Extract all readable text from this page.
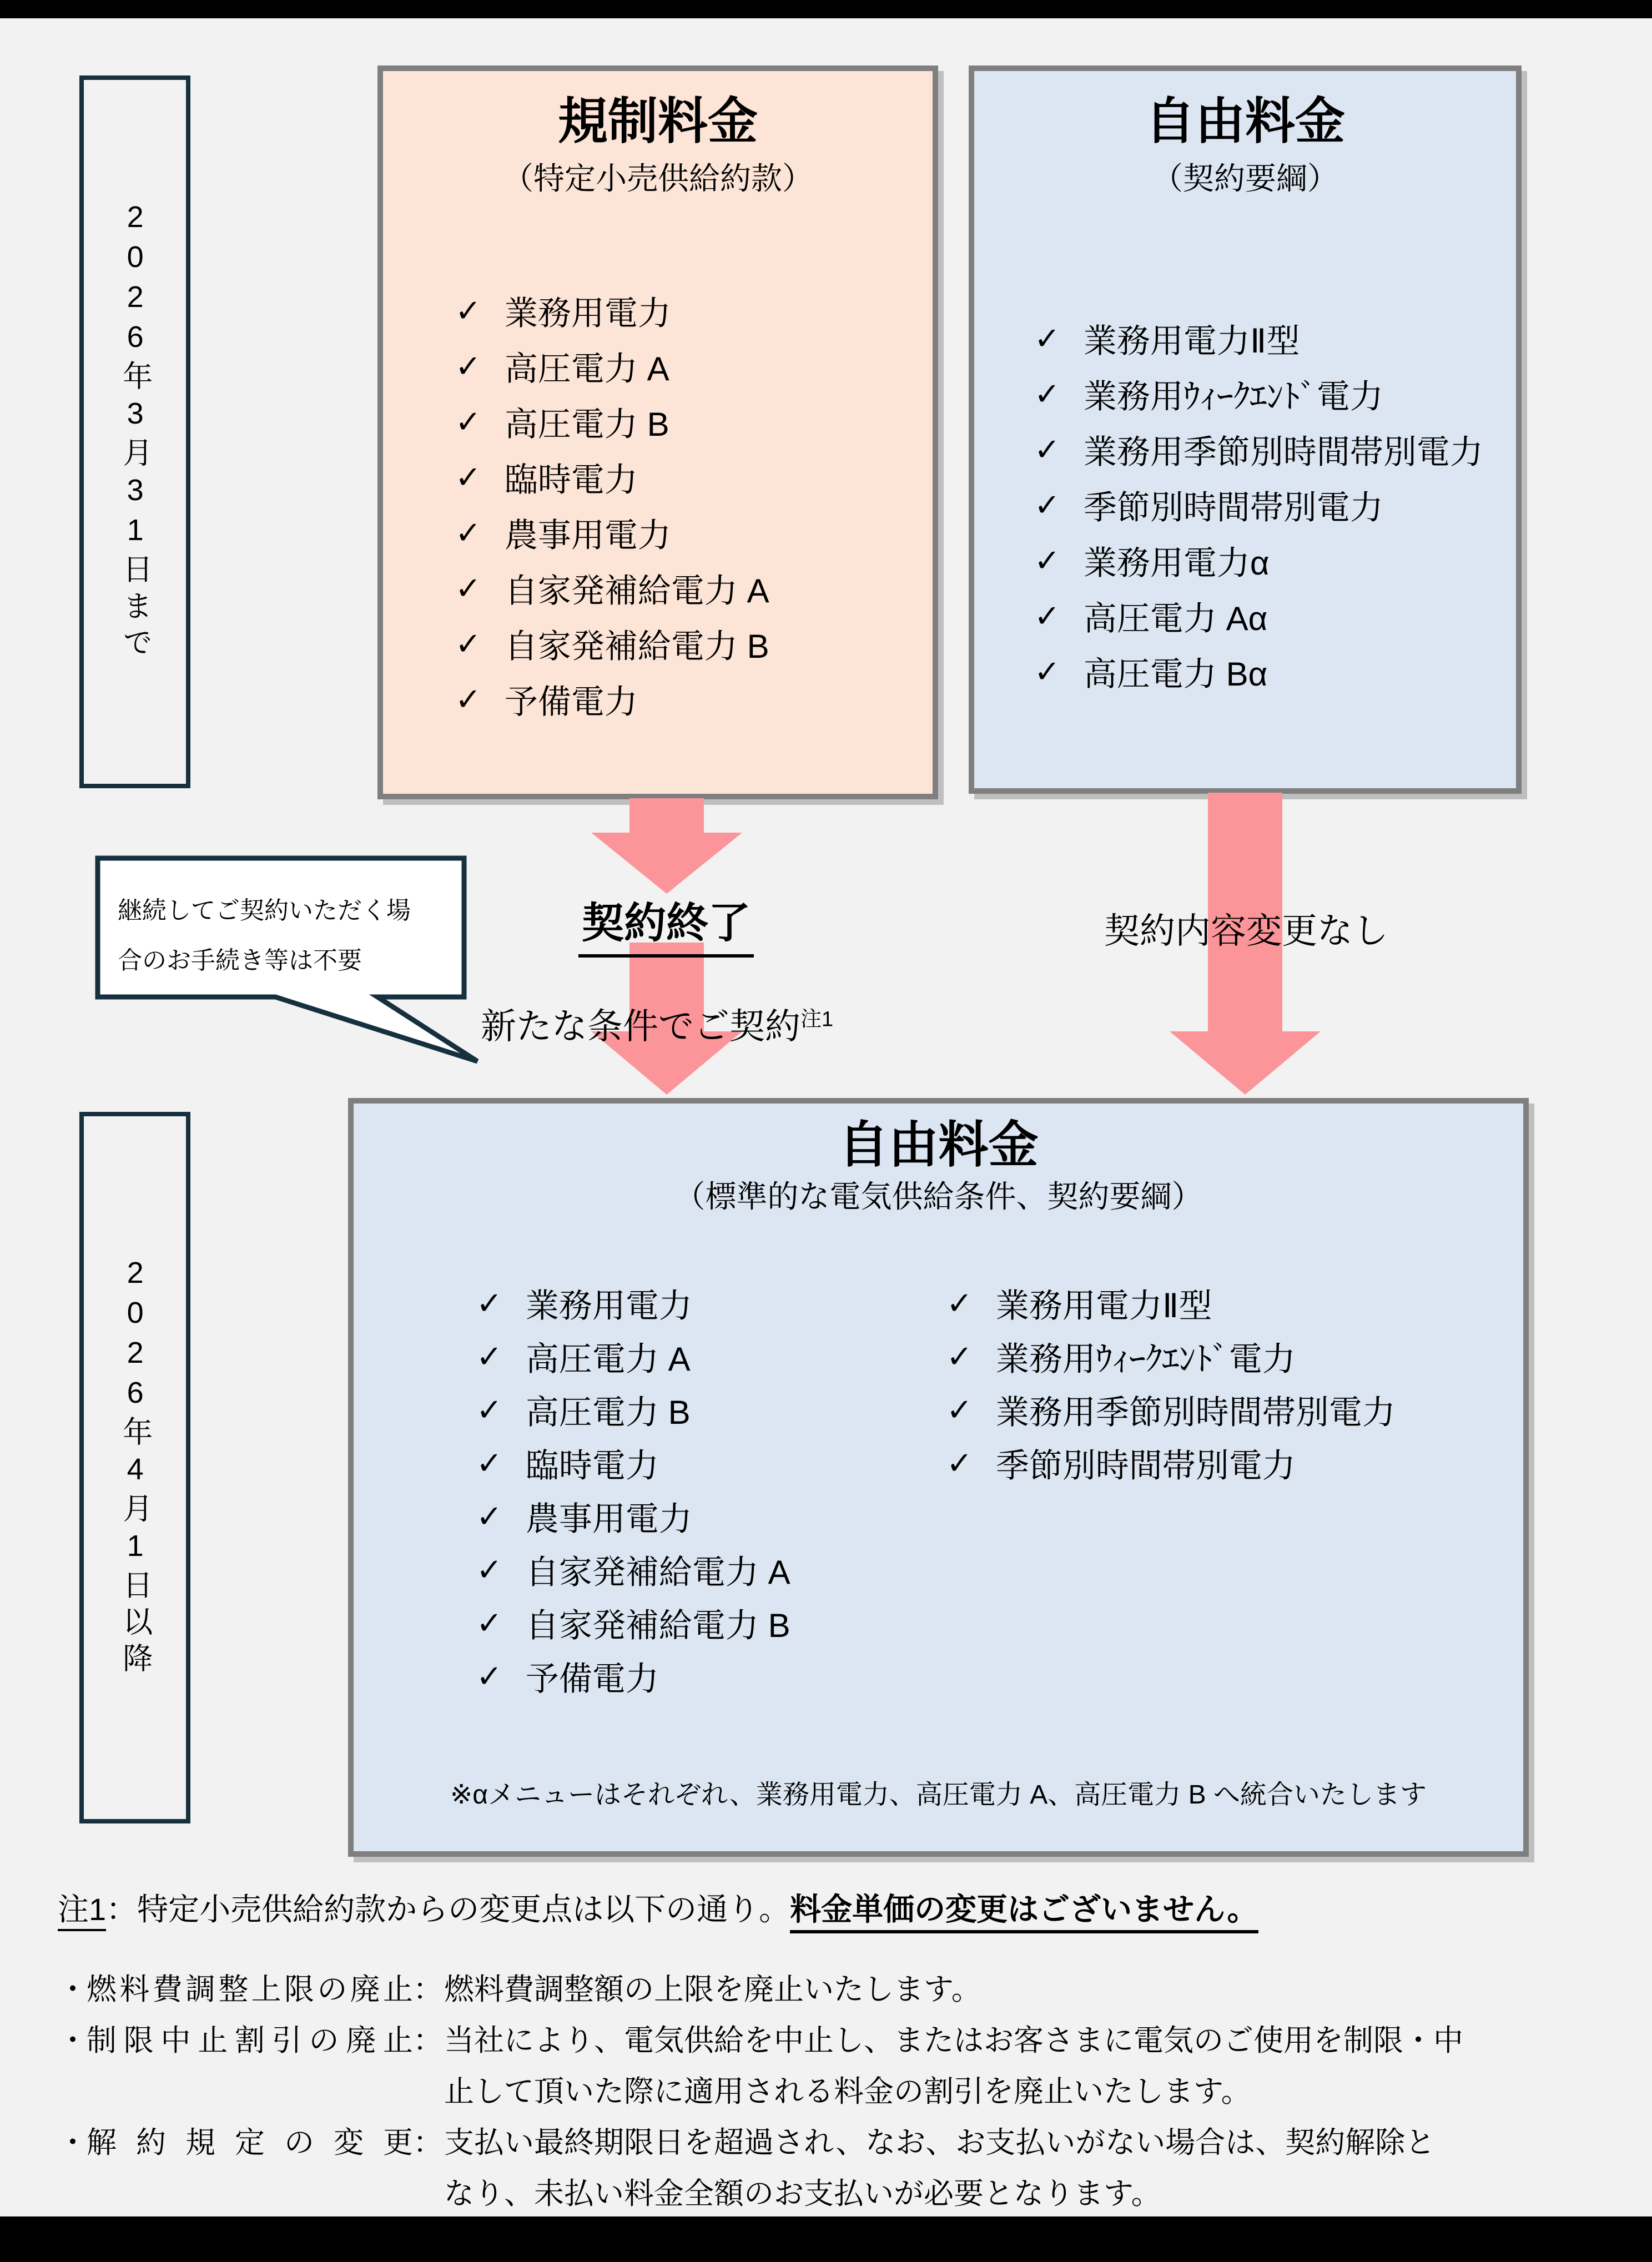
2026年3月31日まで
規制料金
（特定小売供給約款）
✓ 業務用電力
✓ 高圧電力 A
✓ 高圧電力 B
✓ 臨時電力
✓ 農事用電力
✓ 自家発補給電力 A
✓ 自家発補給電力 B
✓ 予備電力
自由料金
（契約要綱）
✓ 業務用電力Ⅱ型
✓ 業務用ｳｨｰｸｴﾝﾄﾞ電力
✓ 業務用季節別時間帯別電力
✓ 季節別時間帯別電力
✓ 業務用電力α
✓ 高圧電力 Aα
✓ 高圧電力 Bα
契約終了	契約内容変更なし
新たな条件でご契約$^{注1}$
継続してご契約いただく場
合のお手続き等は不要
自由料金
（標準的な電気供給条件、契約要綱）
✓ 業務用電力
✓ 高圧電力 A
✓ 高圧電力 B
✓ 臨時電力
✓ 農事用電力
✓ 自家発補給電力 A
✓ 自家発補給電力 B
✓ 予備電力
✓ 業務用電力Ⅱ型
✓ 業務用ｳｨｰｸｴﾝﾄﾞ電力
✓ 業務用季節別時間帯別電力
✓ 季節別時間帯別電力
※αメニューはそれぞれ、業務用電力、高圧電力 A、高圧電力 B へ統合いたします
2026年4月1日以降
注1：特定小売供給約款からの変更点は以下の通り。料金単価の変更はございません。
・
燃料費調整上限の廃止 ： 燃料費調整額の上限を廃止いたします。
・
制限中止割引の廃止 ： 当社により、電気供給を中止し、またはお客さまに電気のご使用を制限・中
止して頂いた際に適用される料金の割引を廃止いたします。
・
解約規定の変更 ： 支払い最終期限日を超過され、なお、お支払いがない場合は、契約解除と
なり、未払い料金全額のお支払いが必要となります。
